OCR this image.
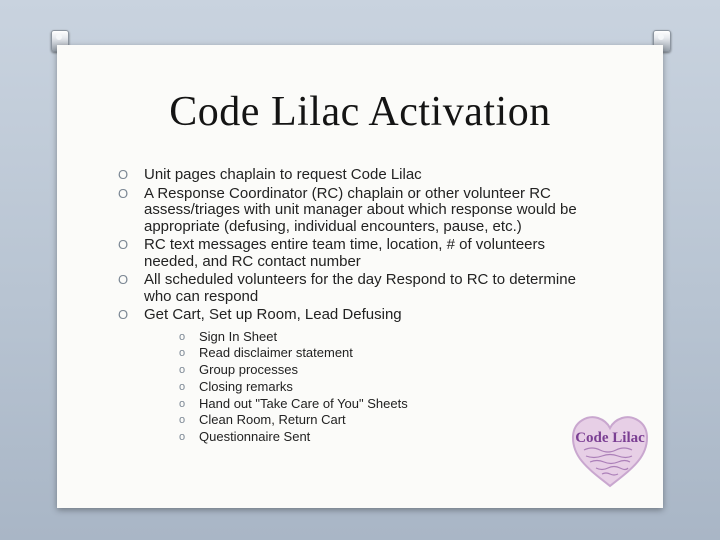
Code Lilac Activation
O Unit pages chaplain to request Code Lilac
O A Response Coordinator (RC) chaplain or other volunteer RC assess/triages with unit manager about which response would be appropriate (defusing, individual encounters, pause, etc.)
O RC text messages entire team time, location, # of volunteers needed, and RC contact number
O All scheduled volunteers for the day Respond to RC to determine who can respond
O Get Cart, Set up Room, Lead Defusing
o Sign In Sheet
o Read disclaimer statement
o Group processes
o Closing remarks
o Hand out "Take Care of You" Sheets
o Clean Room, Return Cart
o Questionnaire Sent	Code Lilac
